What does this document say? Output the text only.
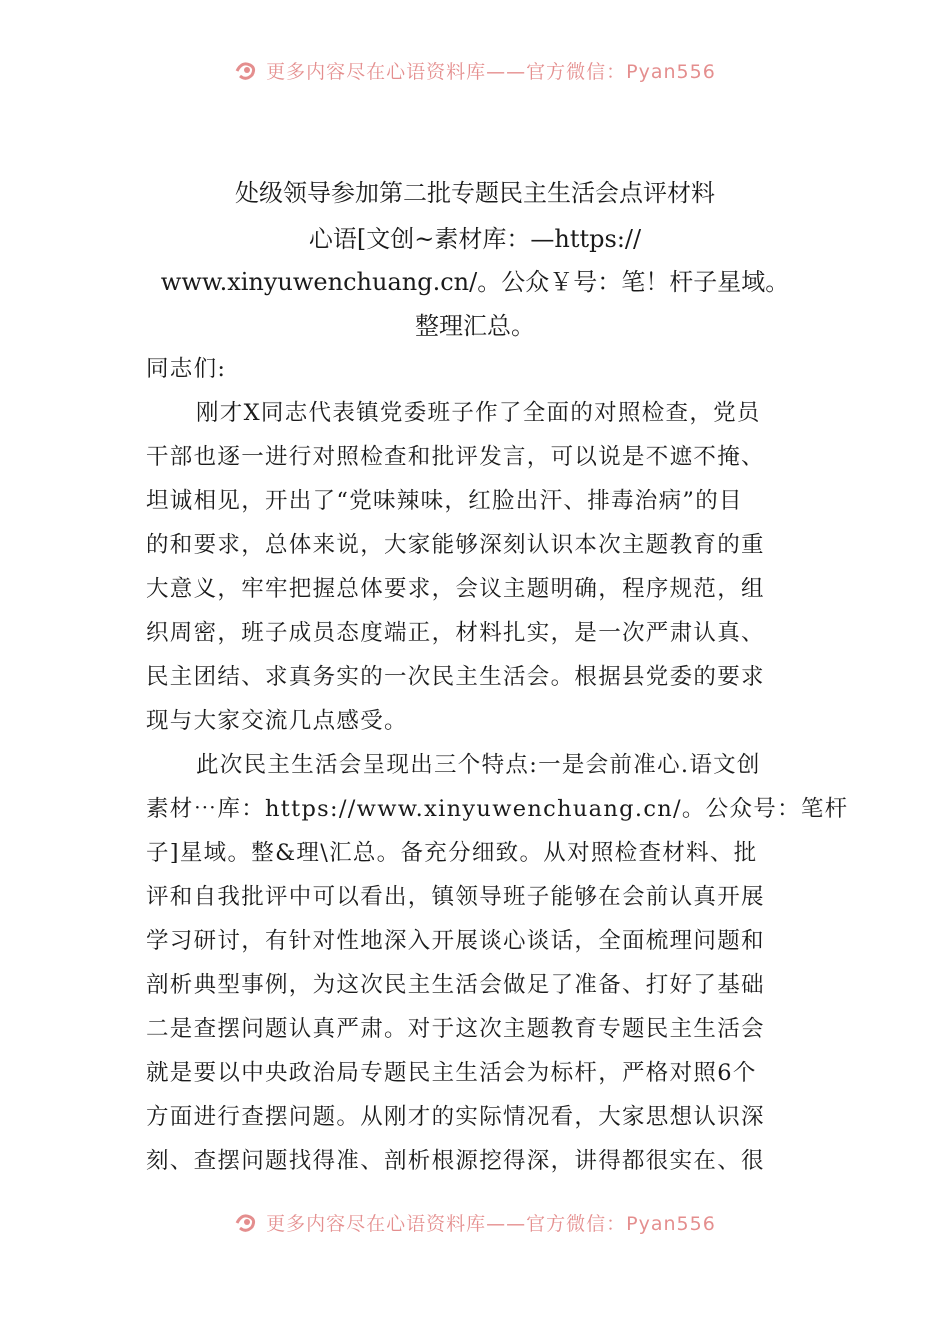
更多内容尽在心语资料库——官方微信：Pyan556
处级领导参加第二批专题民主生活会点评材料
心语[文创~素材库：—https://
www.xinyuwenchuang.cn/。公众￥号：笔！杆子星域。
整理汇总。
同志们:
刚才X同志代表镇党委班子作了全面的对照检查，党员
干部也逐一进行对照检查和批评发言，可以说是不遮不掩、
坦诚相见，开出了“党味辣味，红脸出汗、排毒治病”的目
的和要求，总体来说，大家能够深刻认识本次主题教育的重
大意义，牢牢把握总体要求，会议主题明确，程序规范，组
织周密，班子成员态度端正，材料扎实，是一次严肃认真、
民主团结、求真务实的一次民主生活会。根据县党委的要求
现与大家交流几点感受。
此次民主生活会呈现出三个特点:一是会前准心.语文创
素材⋯库：https://www.xinyuwenchuang.cn/。公众号：笔杆
子]星域。整&理\汇总。备充分细致。从对照检查材料、批
评和自我批评中可以看出，镇领导班子能够在会前认真开展
学习研讨，有针对性地深入开展谈心谈话，全面梳理问题和
剖析典型事例，为这次民主生活会做足了准备、打好了基础
二是查摆问题认真严肃。对于这次主题教育专题民主生活会
就是要以中央政治局专题民主生活会为标杆，严格对照6个
方面进行查摆问题。从刚才的实际情况看，大家思想认识深
刻、查摆问题找得准、剖析根源挖得深，讲得都很实在、很
更多内容尽在心语资料库——官方微信：Pyan556
